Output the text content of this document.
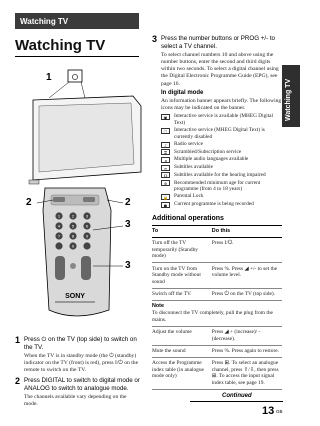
Watching TV
Watching TV
Watching TV
1	2	3
4	5	6
7	8	9
0
SONY
1
2	2
3
3
1 Press ⏻ on the TV (top side) to switch on the TV.
When the TV is in standby mode (the ⏻ (standby) indicator on the TV (front) is red), press I/⏻ on the remote to switch on the TV.
2 Press DIGITAL to switch to digital mode or ANALOG to switch to analogue mode.
The channels available vary depending on the mode.
3 Press the number buttons or PROG +/- to select a TV channel.
To select channel numbers 10 and above using the number buttons, enter the second and third digits within two seconds. To select a digital channel using the Digital Electronic Programme Guide (EPG), see page 16.
In digital mode
An information banner appears briefly. The following icons may be indicated on the banner.
▣	Interactive service is available (MHEG Digital Text)
▢	Interactive service (MHEG Digital Text) is currently disabled
♪	Radio service
⚿	Scrambled/Subscription service
◂	Multiple audio languages available
≡	Subtitles available
☊	Subtitles available for the hearing impaired
⊕	Recommended minimum age for current programme (from 4 to 18 years)
🔒	Parental Lock
●	Current programme is being recorded
Additional operations
To	Do this
Turn off the TV temporarily (Standby mode)	Press I/⏻.
Turn on the TV from Standby mode without sound	Press %. Press ◢ +/- to set the volume level.
Switch off the TV.	Press ⏻ on the TV (top side).
Note
To disconnect the TV completely, pull the plug from the mains.	
Adjust the volume	Press ◢ + (increase)/ - (decrease).
Mute the sound	Press %. Press again to restore.
Access the Programme index table (in analogue mode only)	Press ⊞. To select an analogue channel, press ⇧/⇩, then press ⊞. To access the input signal index table, see page 19.
Continued
13 GB
